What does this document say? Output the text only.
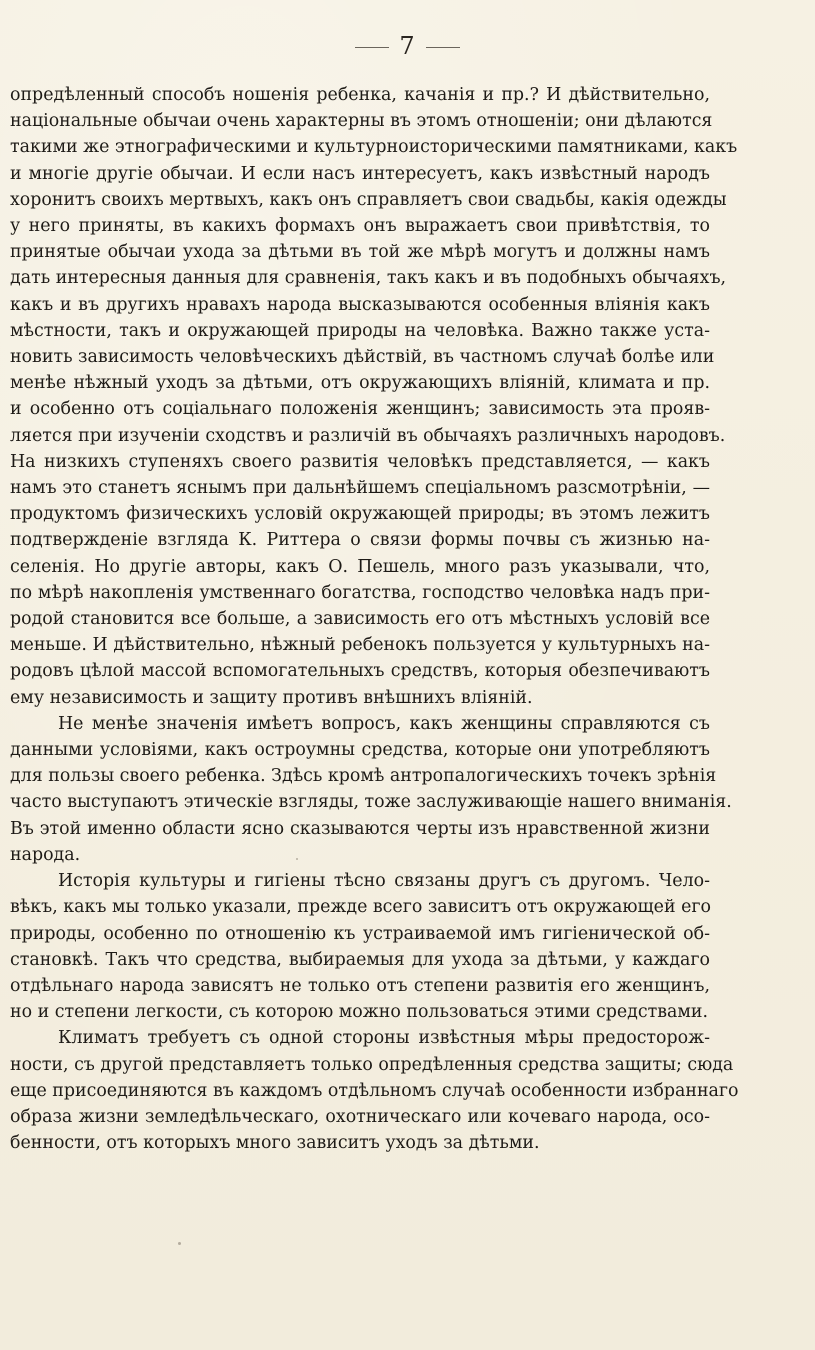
7
опредѣленный способъ ношенія ребенка, качанія и пр.? И дѣйствительно,
національные обычаи очень характерны въ этомъ отношеніи; они дѣлаются
такими же этнографическими и культурноисторическими памятниками, какъ
и многіе другіе обычаи. И если насъ интересуетъ, какъ извѣстный народъ
хоронитъ своихъ мертвыхъ, какъ онъ справляетъ свои свадьбы, какія одежды
у него приняты, въ какихъ формахъ онъ выражаетъ свои привѣтствія, то
принятые обычаи ухода за дѣтьми въ той же мѣрѣ могутъ и должны намъ
дать интересныя данныя для сравненія, такъ какъ и въ подобныхъ обычаяхъ,
какъ и въ другихъ нравахъ народа высказываются особенныя вліянія какъ
мѣстности, такъ и окружающей природы на человѣка. Важно также уста-
новить зависимость человѣческихъ дѣйствій, въ частномъ случаѣ болѣе или
менѣе нѣжный уходъ за дѣтьми, отъ окружающихъ вліяній, климата и пр.
и особенно отъ соціальнаго положенія женщинъ; зависимость эта прояв-
ляется при изученіи сходствъ и различій въ обычаяхъ различныхъ народовъ.
На низкихъ ступеняхъ своего развитія человѣкъ представляется, — какъ
намъ это станетъ яснымъ при дальнѣйшемъ спеціальномъ разсмотрѣніи, —
продуктомъ физическихъ условій окружающей природы; въ этомъ лежитъ
подтвержденіе взгляда К. Риттера о связи формы почвы съ жизнью на-
селенія. Но другіе авторы, какъ О. Пешель, много разъ указывали, что,
по мѣрѣ накопленія умственнаго богатства, господство человѣка надъ при-
родой становится все больше, а зависимость его отъ мѣстныхъ условій все
меньше. И дѣйствительно, нѣжный ребенокъ пользуется у культурныхъ на-
родовъ цѣлой массой вспомогательныхъ средствъ, которыя обезпечиваютъ
ему независимость и защиту противъ внѣшнихъ вліяній.
Не менѣе значенія имѣетъ вопросъ, какъ женщины справляются съ
данными условіями, какъ остроумны средства, которые они употребляютъ
для пользы своего ребенка. Здѣсь кромѣ антропалогическихъ точекъ зрѣнія
часто выступаютъ этическіе взгляды, тоже заслуживающіе нашего вниманія.
Въ этой именно области ясно сказываются черты изъ нравственной жизни
народа.
Исторія культуры и гигіены тѣсно связаны другъ съ другомъ. Чело-
вѣкъ, какъ мы только указали, прежде всего зависитъ отъ окружающей его
природы, особенно по отношенію къ устраиваемой имъ гигіенической об-
становкѣ. Такъ что средства, выбираемыя для ухода за дѣтьми, у каждаго
отдѣльнаго народа зависятъ не только отъ степени развитія его женщинъ,
но и степени легкости, съ которою можно пользоваться этими средствами.
Климатъ требуетъ съ одной стороны извѣстныя мѣры предосторож-
ности, съ другой представляетъ только опредѣленныя средства защиты; сюда
еще присоединяются въ каждомъ отдѣльномъ случаѣ особенности избраннаго
образа жизни земледѣльческаго, охотническаго или кочеваго народа, осо-
бенности, отъ которыхъ много зависитъ уходъ за дѣтьми.
